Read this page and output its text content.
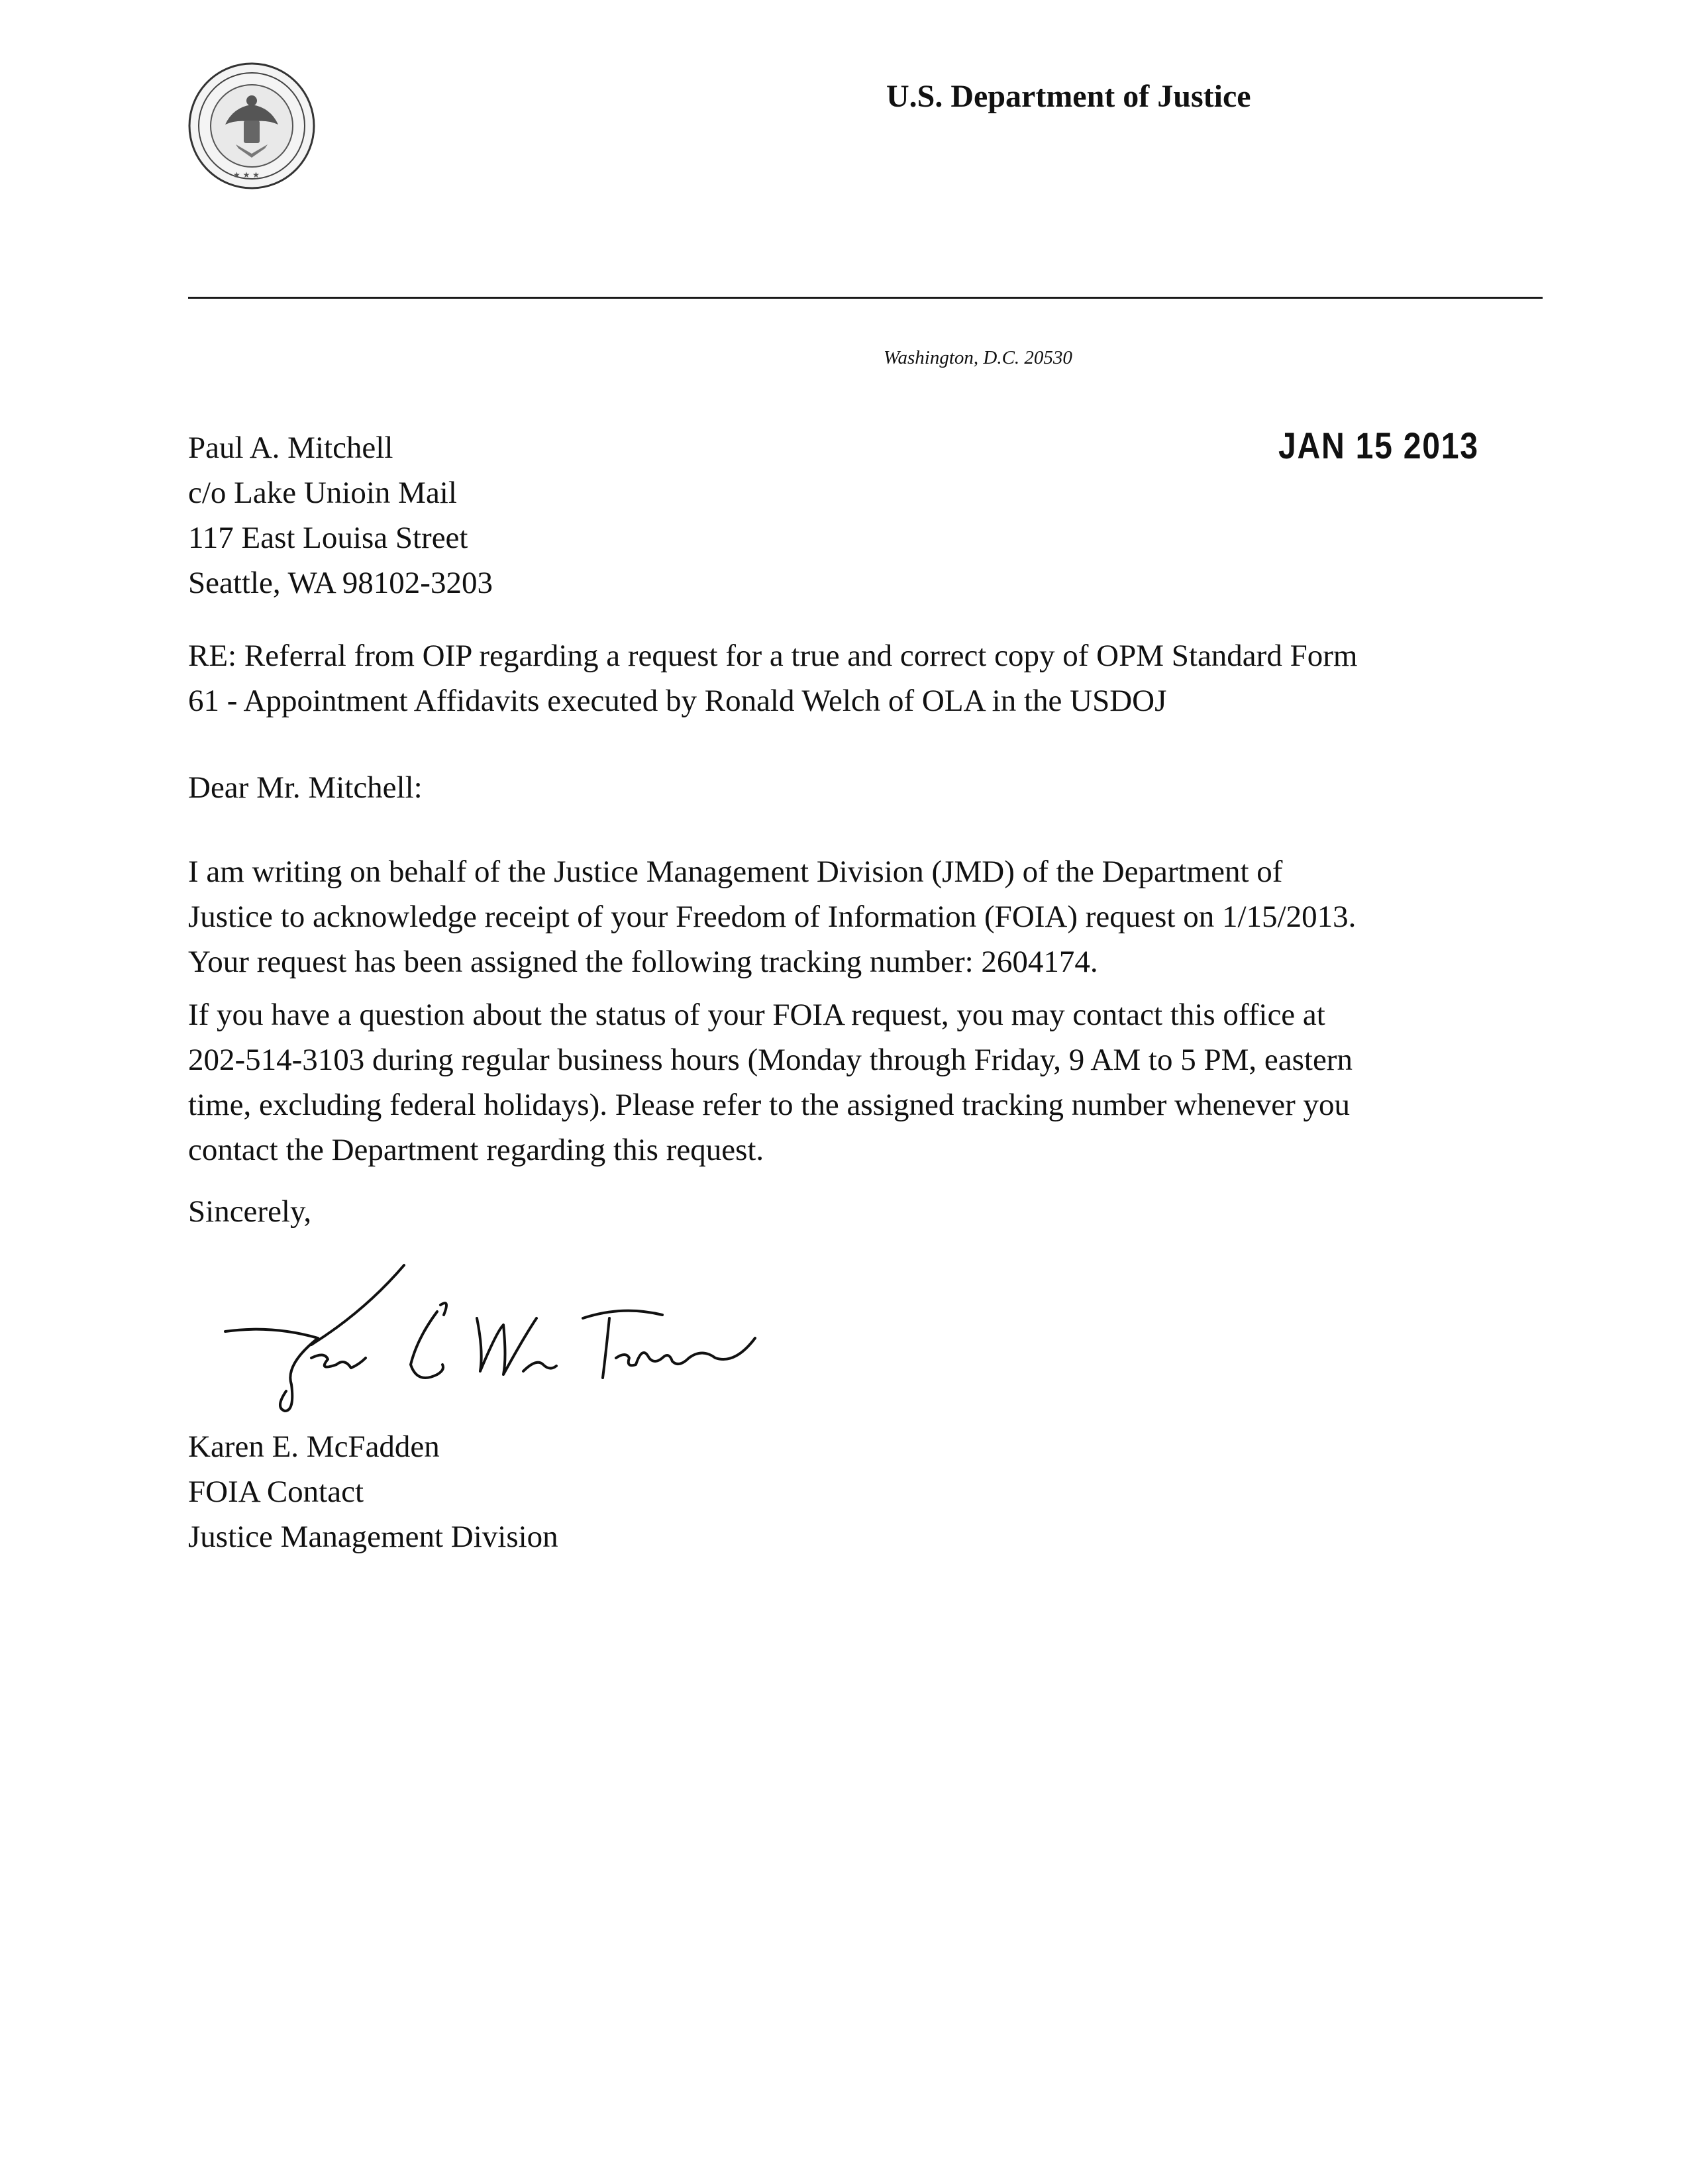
★ ★ ★
U.S. Department of Justice
Washington, D.C. 20530
JAN 15 2013
Paul A. Mitchell
c/o Lake Unioin Mail
117 East Louisa Street
Seattle, WA 98102-3203
RE: Referral from OIP regarding a request for a true and correct copy of OPM Standard Form
61 - Appointment Affidavits executed by Ronald Welch of OLA in the USDOJ
Dear Mr. Mitchell:
I am writing on behalf of the Justice Management Division (JMD) of the Department of
Justice to acknowledge receipt of your Freedom of Information (FOIA) request on 1/15/2013.
Your request has been assigned the following tracking number: 2604174.
If you have a question about the status of your FOIA request, you may contact this office at
202-514-3103 during regular business hours (Monday through Friday, 9 AM to 5 PM, eastern
time, excluding federal holidays). Please refer to the assigned tracking number whenever you
contact the Department regarding this request.
Sincerely,
Karen E. McFadden
FOIA Contact
Justice Management Division
